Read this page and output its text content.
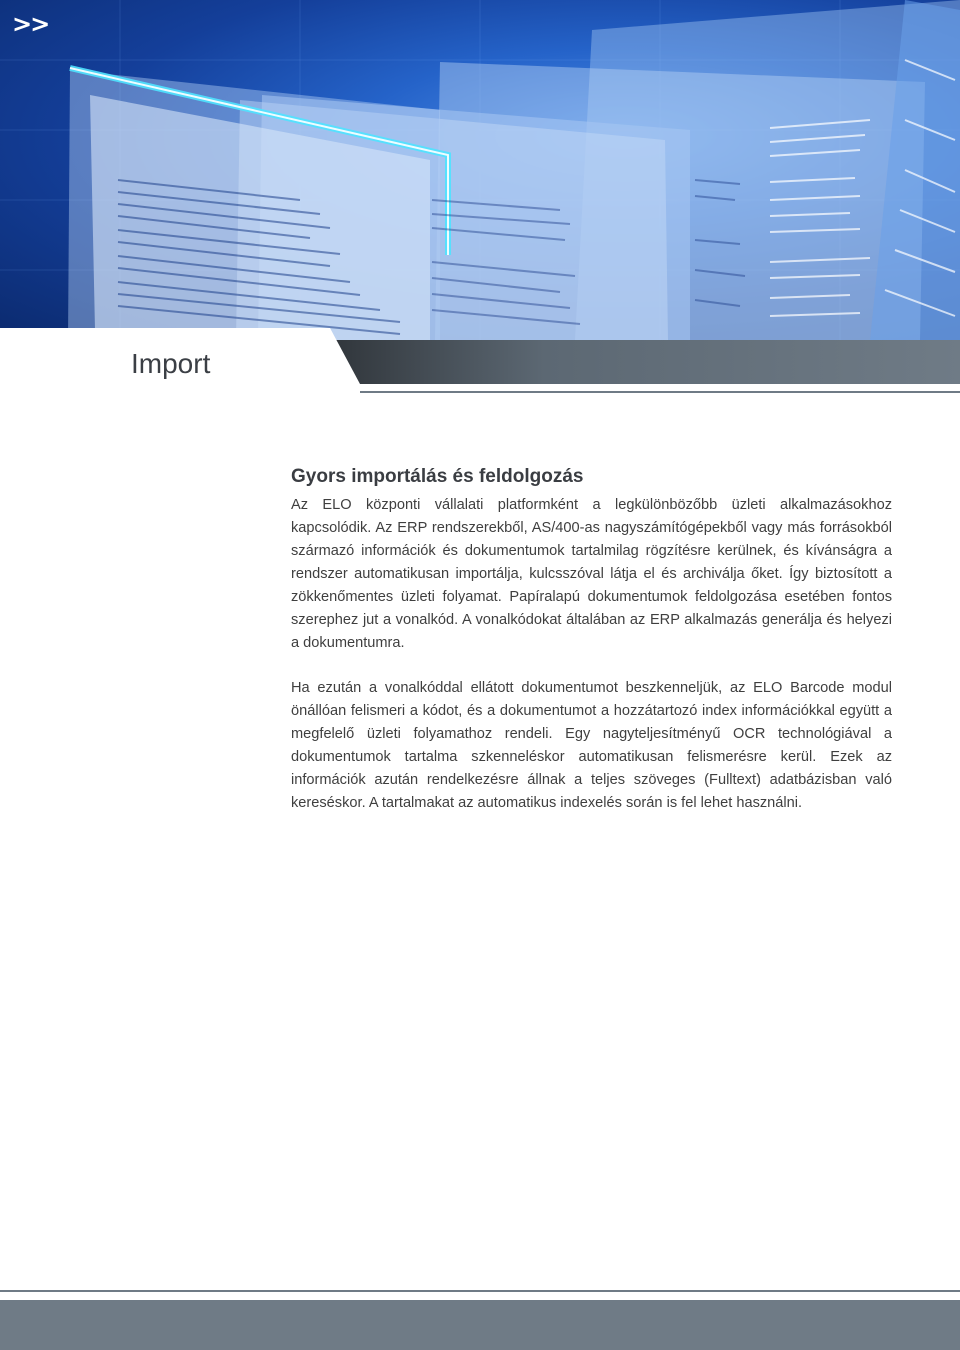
>>
Import
Gyors importálás és feldolgozás

Az ELO központi vállalati platformként a legkülönbözőbb üzleti alkalmazásokhoz kapcsolódik. Az ERP rendszerekből, AS/400-as nagyszámítógépekből vagy más forrásokból származó információk és dokumentumok tartalmilag rögzítésre kerülnek, és kívánságra a rendszer automatikusan importálja, kulcsszóval látja el és archiválja őket. Így biztosított a zökkenőmentes üzleti folyamat. Papíralapú dokumentumok feldolgozása esetében fontos szerephez jut a vonalkód. A vonalkódokat általában az ERP alkalmazás generálja és helyezi a dokumentumra.

Ha ezután a vonalkóddal ellátott dokumentumot beszkenneljük, az ELO Barcode modul önállóan felismeri a kódot, és a dokumentumot a hozzátartozó index információkkal együtt a megfelelő üzleti folyamathoz rendeli. Egy nagyteljesítményű OCR technológiával a dokumentumok tartalma szkenneléskor automatikusan felismerésre kerül. Ezek az információk azután rendelkezésre állnak a teljes szöveges (Fulltext) adatbázisban való kereséskor. A tartalmakat az automatikus indexelés során is fel lehet használni.
